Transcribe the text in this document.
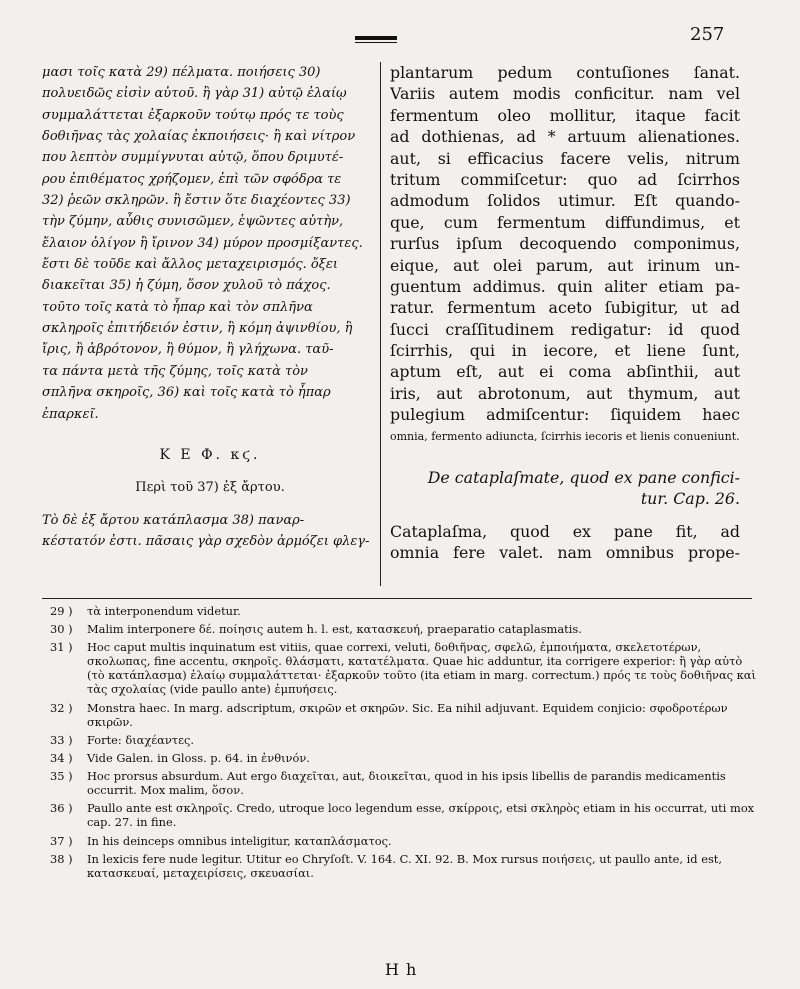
257
μασι τοῖς κατὰ 29) πέλματα. ποιήσεις 30)
πολυειδῶς εἰσὶν αὐτοῦ. ἢ γὰρ 31) αὐτῷ ἐλαίῳ
συμμαλάττεται ἐξαρκοῦν τούτῳ πρός τε τοὺς
δοθιῆνας τὰς χολαίας ἐκποιήσεις· ἢ καὶ νίτρον
που λεπτὸν συμμίγνυται αὐτῷ, ὅπου δριμυτέ-
ρου ἐπιθέματος χρήζομεν, ἐπὶ τῶν σφόδρα τε
32) ῥεῶν σκληρῶν. ἢ ἔστιν ὅτε διαχέοντες 33)
τὴν ζύμην, αὖθις συνισῶμεν, ἑψῶντες αὐτὴν,
ἔλαιον ὀλίγον ἢ ἴρινον 34) μύρον προσμίξαντες.
ἔστι δὲ τοῦδε καὶ ἄλλος μεταχειρισμός. ὄξει
διακεῖται 35) ἡ ζύμη, ὅσον χυλοῦ τὸ πάχος.
τοῦτο τοῖς κατὰ τὸ ἧπαρ καὶ τὸν σπλῆνα
σκληροῖς ἐπιτήδειόν ἐστιν, ἢ κόμη ἀψινθίου, ἢ
ἴρις, ἢ ἀβρότονον, ἢ θύμον, ἢ γλήχωνα. ταῦ-
τα πάντα μετὰ τῆς ζύμης, τοῖς κατὰ τὸν
σπλῆνα σκηροῖς, 36) καὶ τοῖς κατὰ τὸ ἧπαρ
ἐπαρκεῖ.
Κ Ε Φ. κϛ.
Περὶ τοῦ 37) ἐξ ἄρτου.
Τὸ δὲ ἐξ ἄρτου κατάπλασμα 38) παναρ-
κέστατόν ἐστι. πᾶσαις γὰρ σχεδὸν ἁρμόζει φλεγ-
plantarum pedum contuſiones ſanat.
Variis autem modis conficitur. nam vel
fermentum oleo mollitur, itaque facit
ad dothienas, ad * artuum alienationes.
aut, si efficacius facere velis, nitrum
tritum commiſcetur: quo ad ſcirrhos
admodum ſolidos utimur. Eſt quando-
que, cum fermentum diffundimus, et
rurſus ipſum decoquendo componimus,
eique, aut olei parum, aut irinum un-
guentum addimus. quin aliter etiam pa-
ratur. fermentum aceto ſubigitur, ut ad
ſucci craſſitudinem redigatur: id quod
ſcirrhis, qui in iecore, et liene ſunt,
aptum eſt, aut ei coma abſinthii, aut
iris, aut abrotonum, aut thymum, aut
pulegium admiſcentur: ſiquidem haec
omnia, fermento adiuncta, ſcirrhis iecoris et lienis conueniunt.
De cataplaſmate, quod ex pane confici-
tur. Cap. 26.
Cataplaſma, quod ex pane fit, ad
omnia fere valet. nam omnibus prope-
29 )	τὰ interponendum videtur.
30 )	Malim interponere δέ. ποίησις autem h. l. est, κατασκευή, praeparatio cataplasmatis.
31 )	Hoc caput multis inquinatum est vitiis, quae correxi, veluti, δοθιῆνας, σφελῶ, ἐμποιήματα, σκελετοτέρων, σκολωπας, fine accentu, σκηροῖς. θλάσματι, κατατέλματα. Quae hic adduntur, ita corrigere experior: ἢ γὰρ αὐτὸ (τὸ κατάπλασμα) ἐλαίῳ συμμαλάττεται· ἐξαρκοῦν τοῦτο (ita etiam in marg. correctum.) πρός τε τοὺς δοθιῆνας καὶ τὰς σχολαίας (vide paullo ante) ἐμπυήσεις.
32 )	Monstra haec. In marg. adscriptum, σκιρῶν et σκηρῶν. Sic. Ea nihil adjuvant. Equidem conjicio: σφοδροτέρων σκιρῶν.
33 )	Forte: διαχέαντες.
34 )	Vide Galen. in Gloss. p. 64. in ἐνθινόν.
35 )	Hoc prorsus absurdum. Aut ergo διαχεῖται, aut, διοικεῖται, quod in his ipsis libellis de parandis medicamentis occurrit. Mox malim, ὅσον.
36 )	Paullo ante est σκληροῖς. Credo, utroque loco legendum esse, σκίρροις, etsi σκληρὸς etiam in his occurrat, uti mox cap. 27. in fine.
37 )	In his deinceps omnibus inteligitur, καταπλάσματος.
38 )	In lexicis fere nude legitur. Utitur eo Chryſoſt. V. 164. C. XI. 92. B. Mox rursus ποιήσεις, ut paullo ante, id est, κατασκευαί, μεταχειρίσεις, σκευασίαι.
H h
